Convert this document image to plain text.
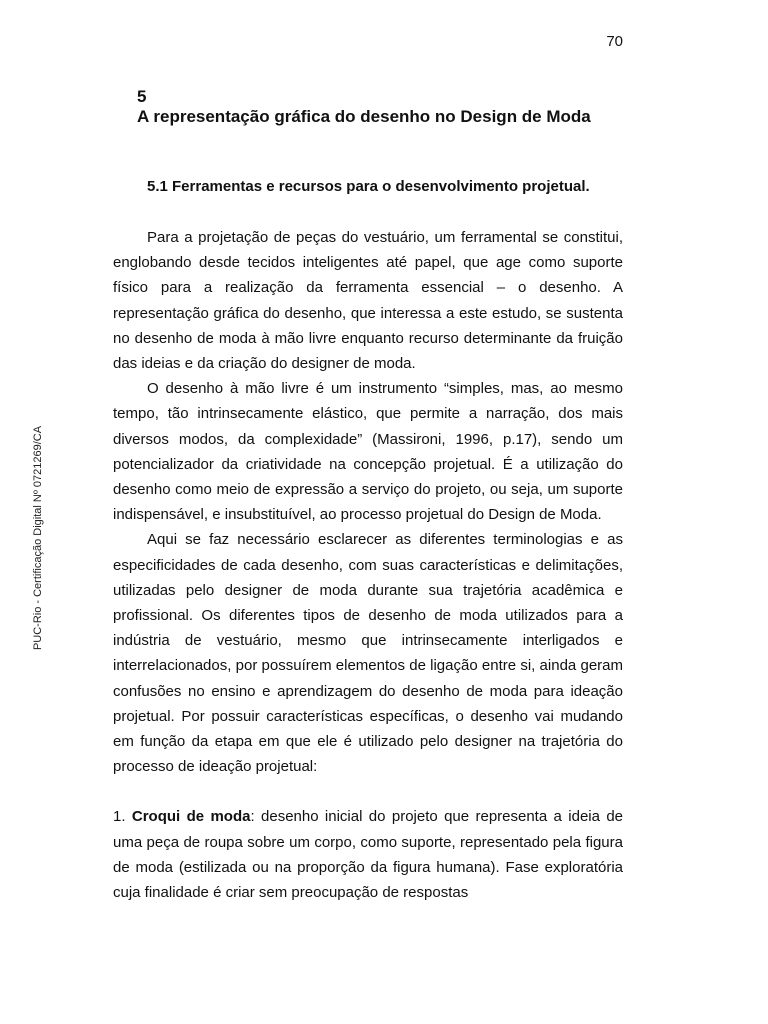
70
5
A representação gráfica do desenho no Design de Moda
5.1 Ferramentas e recursos para o desenvolvimento projetual.

Para a projetação de peças do vestuário, um ferramental se constitui, englobando desde tecidos inteligentes até papel, que age como suporte físico para a realização da ferramenta essencial – o desenho. A representação gráfica do desenho, que interessa a este estudo, se sustenta no desenho de moda à mão livre enquanto recurso determinante da fruição das ideias e da criação do designer de moda.

O desenho à mão livre é um instrumento “simples, mas, ao mesmo tempo, tão intrinsecamente elástico, que permite a narração, dos mais diversos modos, da complexidade” (Massironi, 1996, p.17), sendo um potencializador da criatividade na concepção projetual. É a utilização do desenho como meio de expressão a serviço do projeto, ou seja, um suporte indispensável, e insubstituível, ao processo projetual do Design de Moda.

Aqui se faz necessário esclarecer as diferentes terminologias e as especificidades de cada desenho, com suas características e delimitações, utilizadas pelo designer de moda durante sua trajetória acadêmica e profissional. Os diferentes tipos de desenho de moda utilizados para a indústria de vestuário, mesmo que intrinsecamente interligados e interrelacionados, por possuírem elementos de ligação entre si, ainda geram confusões no ensino e aprendizagem do desenho de moda para ideação projetual. Por possuir características específicas, o desenho vai mudando em função da etapa em que ele é utilizado pelo designer na trajetória do processo de ideação projetual:

1. Croqui de moda: desenho inicial do projeto que representa a ideia de uma peça de roupa sobre um corpo, como suporte, representado pela figura de moda (estilizada ou na proporção da figura humana). Fase exploratória cuja finalidade é criar sem preocupação de respostas

PUC-Rio - Certificação Digital Nº 0721269/CA
